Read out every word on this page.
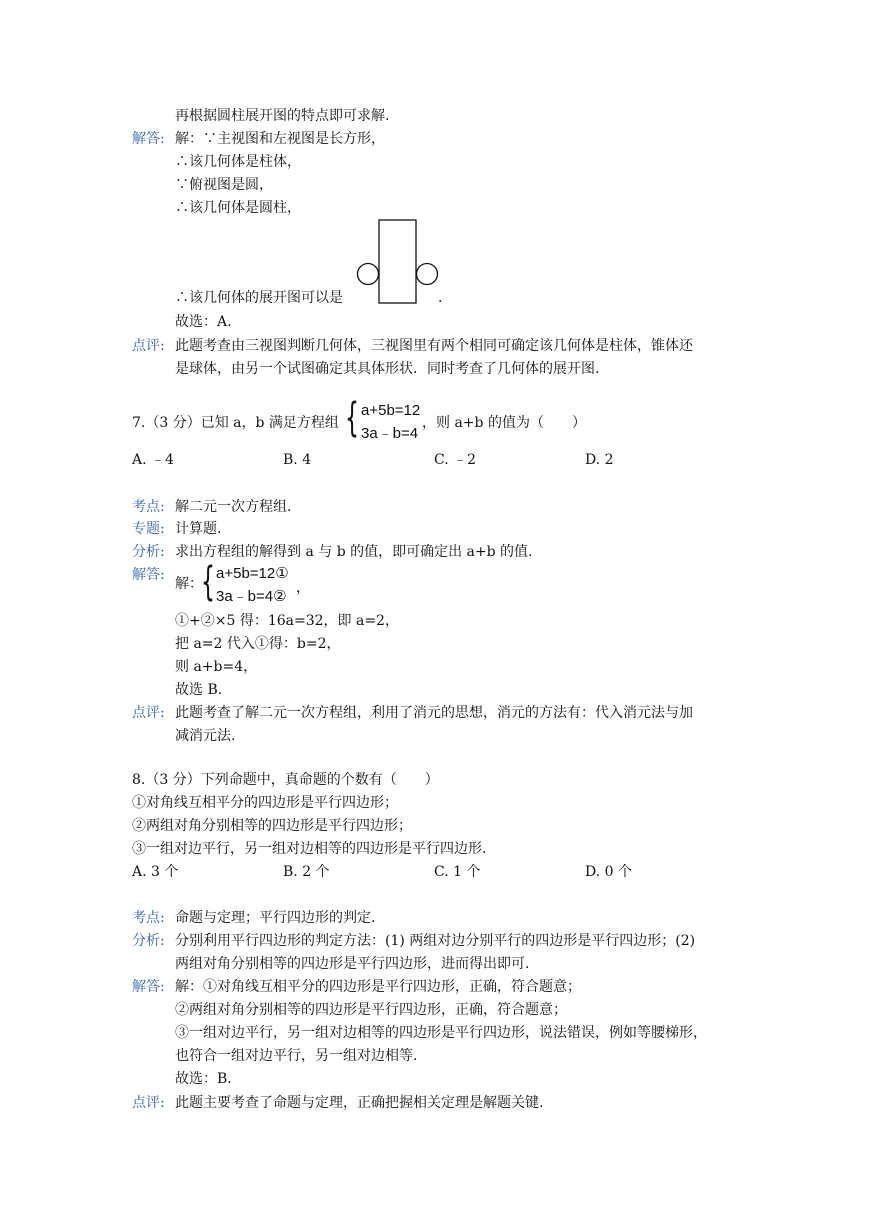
再根据圆柱展开图的特点即可求解.
解答: 解：∵主视图和左视图是长方形，
∴该几何体是柱体，
∵俯视图是圆，
∴该几何体是圆柱，
∴该几何体的展开图可以是	.
故选：A.
点评: 此题考查由三视图判断几何体，三视图里有两个相同可确定该几何体是柱体，锥体还
是球体，由另一个试图确定其具体形状．同时考查了几何体的展开图.
7.（3 分）已知 a，b 满足方程组 { a+5b=12
3a﹣b=4
，则 a+b 的值为（　　）
A. ﹣4	B. 4	C. ﹣2	D. 2
考点: 解二元一次方程组.
专题: 计算题.
分析: 求出方程组的解得到 a 与 b 的值，即可确定出 a+b 的值.
解答:
解：
{ a+5b=12①
3a﹣b=4② ，
①+②×5 得：16a=32，即 a=2，
把 a=2 代入①得：b=2，
则 a+b=4，
故选 B.
点评: 此题考查了解二元一次方程组，利用了消元的思想，消元的方法有：代入消元法与加
减消元法.
8.（3 分）下列命题中，真命题的个数有（　　）
①对角线互相平分的四边形是平行四边形；
②两组对角分别相等的四边形是平行四边形；
③一组对边平行，另一组对边相等的四边形是平行四边形.
A. 3 个	B. 2 个	C. 1 个	D. 0 个
考点: 命题与定理；平行四边形的判定.
分析: 分别利用平行四边形的判定方法：(1) 两组对边分别平行的四边形是平行四边形；(2)
两组对角分别相等的四边形是平行四边形，进而得出即可.
解答: 解：①对角线互相平分的四边形是平行四边形，正确，符合题意；
②两组对角分别相等的四边形是平行四边形，正确，符合题意；
③一组对边平行，另一组对边相等的四边形是平行四边形，说法错误，例如等腰梯形，
也符合一组对边平行，另一组对边相等.
故选：B.
点评: 此题主要考查了命题与定理，正确把握相关定理是解题关键.
